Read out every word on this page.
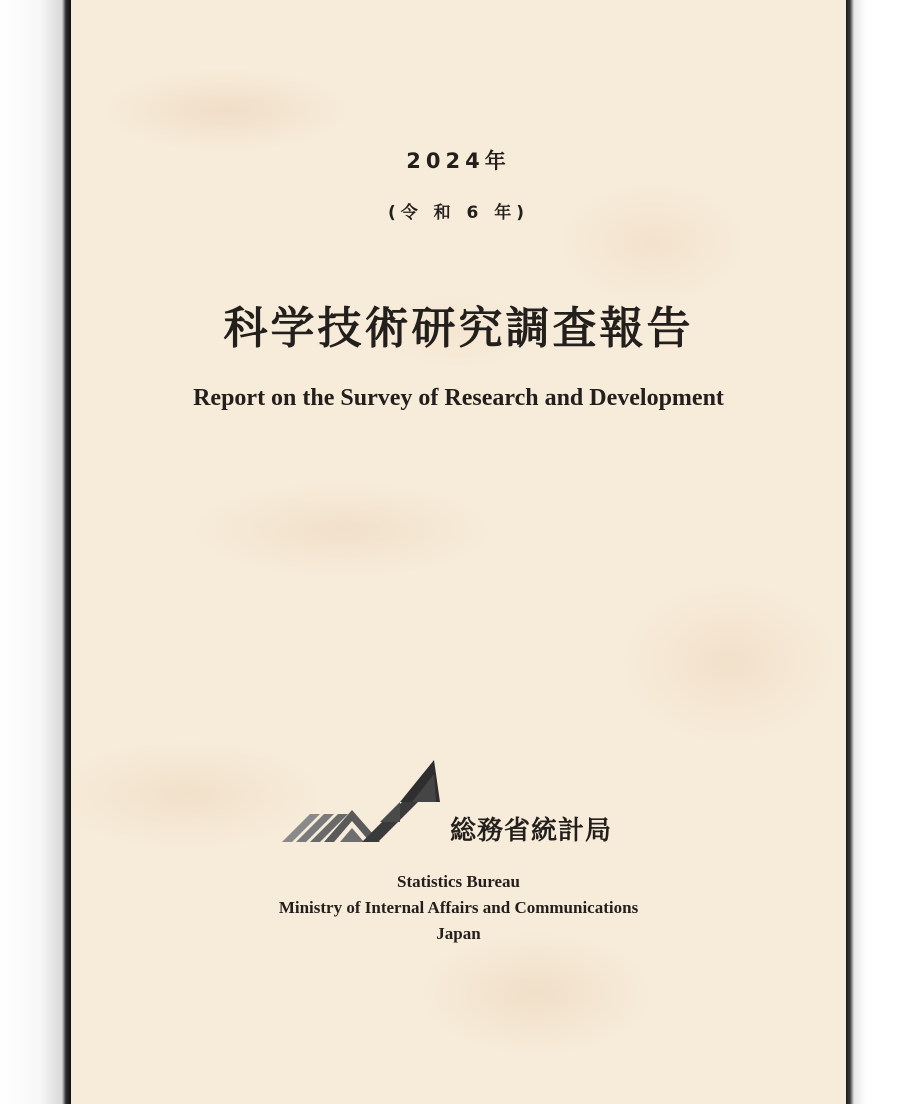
2024年
(令 和 6 年)
科学技術研究調査報告
Report on the Survey of Research and Development
総務省統計局
Statistics Bureau
Ministry of Internal Affairs and Communications
Japan
